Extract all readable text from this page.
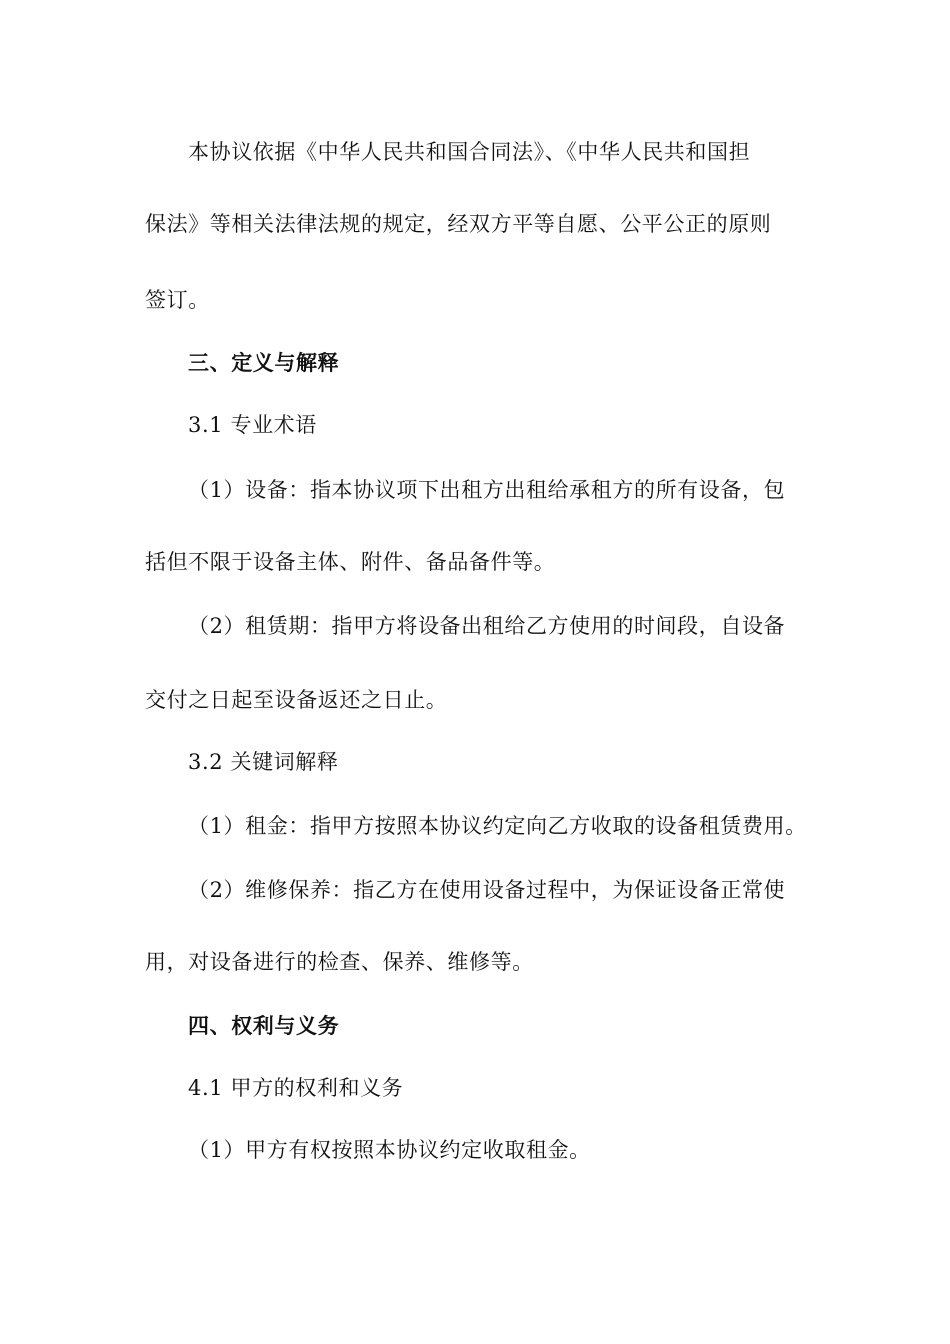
本协议依据《中华人民共和国合同法》、《中华人民共和国担
保法》等相关法律法规的规定，经双方平等自愿、公平公正的原则
签订。
三、定义与解释
3.1 专业术语
（1）设备：指本协议项下出租方出租给承租方的所有设备，包
括但不限于设备主体、附件、备品备件等。
（2）租赁期：指甲方将设备出租给乙方使用的时间段，自设备
交付之日起至设备返还之日止。
3.2 关键词解释
（1）租金：指甲方按照本协议约定向乙方收取的设备租赁费用。
（2）维修保养：指乙方在使用设备过程中，为保证设备正常使
用，对设备进行的检查、保养、维修等。
四、权利与义务
4.1 甲方的权利和义务
（1）甲方有权按照本协议约定收取租金。
